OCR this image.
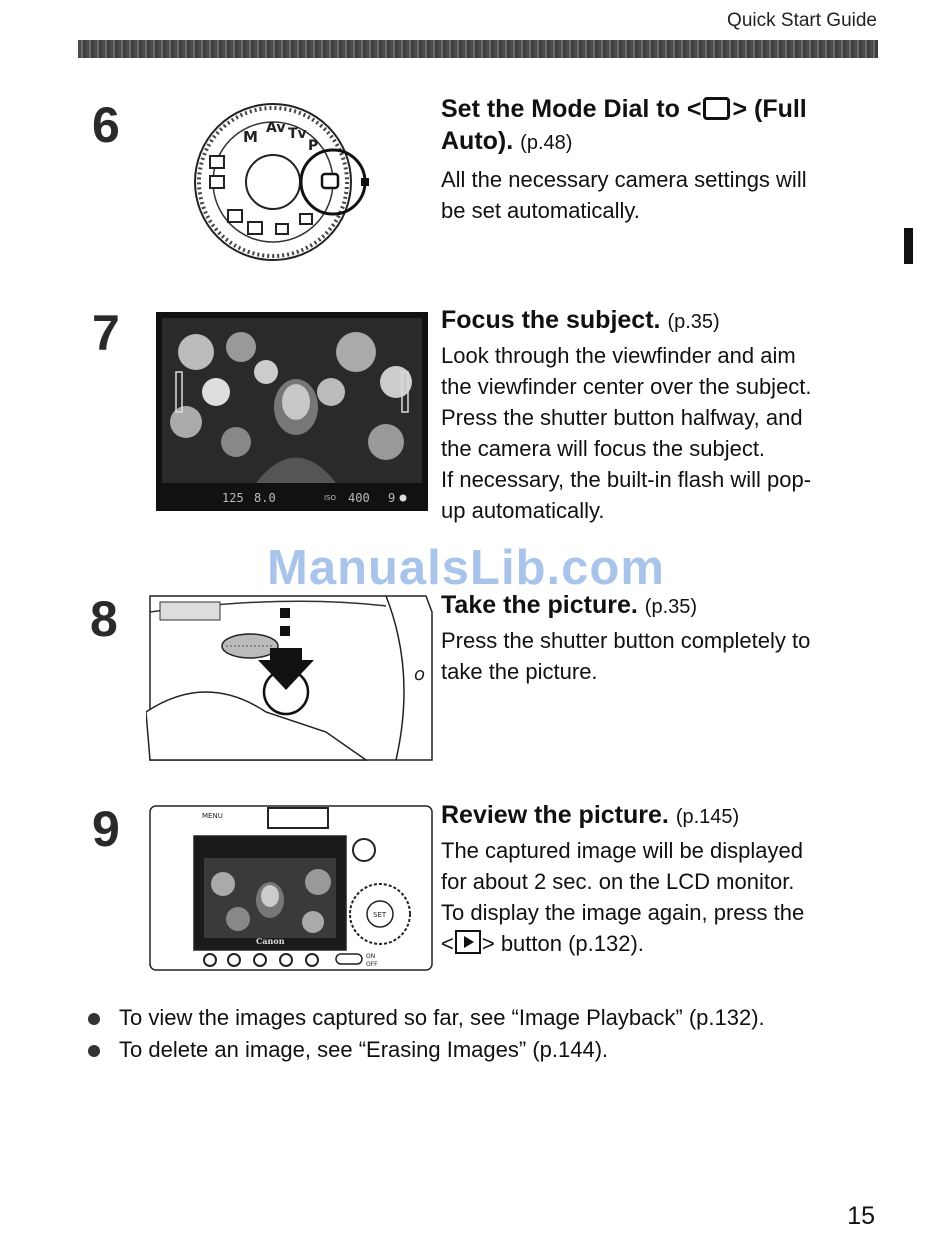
Quick Start Guide
6	M Av Tv
P
Set the Mode Dial to < > (Full
Auto). (p.48)
All the necessary camera settings will
be set automatically.
7
125 8.0	ISO 400 9
Focus the subject. (p.35)
Look through the viewfinder and aim
the viewfinder center over the subject.
Press the shutter button halfway, and
the camera will focus the subject.
If necessary, the built-in flash will pop-
up automatically.
ManualsLib.com
8
o
Take the picture. (p.35)
Press the shutter button completely to
take the picture.
9	MENU
Canon
SET
ON
OFF
Review the picture. (p.145)
The captured image will be displayed
for about 2 sec. on the LCD monitor.
To display the image again, press the
< > button (p.132).
To view the images captured so far, see “Image Playback” (p.132).
To delete an image, see “Erasing Images” (p.144).
15
